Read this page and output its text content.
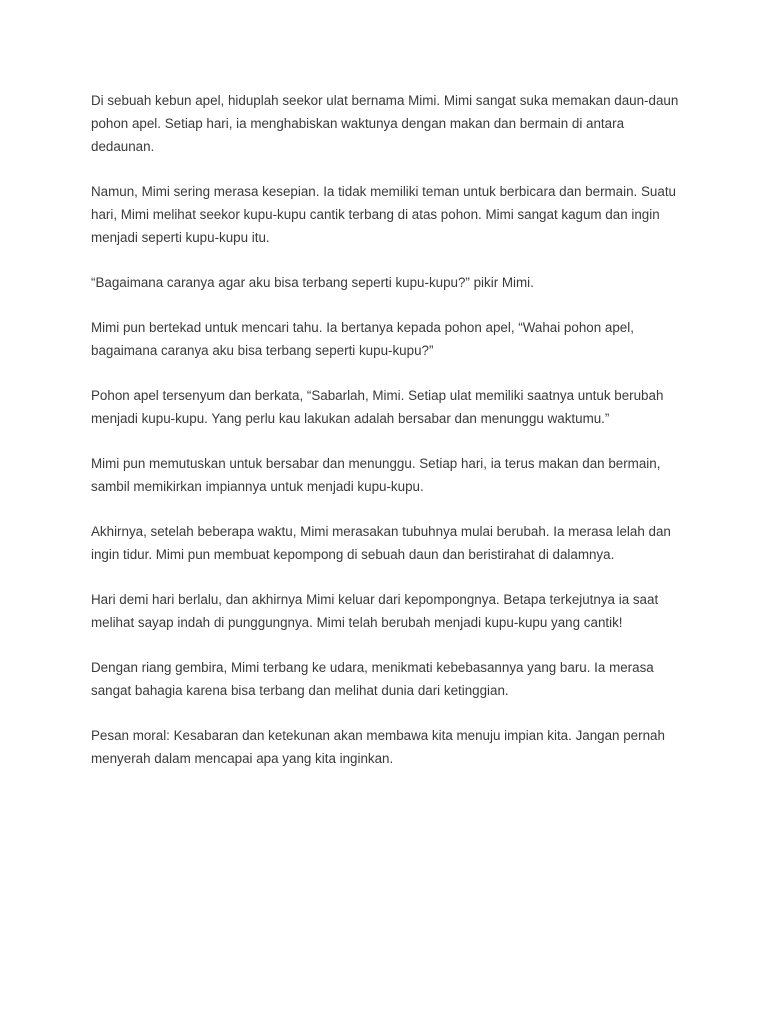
Di sebuah kebun apel, hiduplah seekor ulat bernama Mimi. Mimi sangat suka memakan daun-daun pohon apel. Setiap hari, ia menghabiskan waktunya dengan makan dan bermain di antara dedaunan.

Namun, Mimi sering merasa kesepian. Ia tidak memiliki teman untuk berbicara dan bermain. Suatu hari, Mimi melihat seekor kupu-kupu cantik terbang di atas pohon. Mimi sangat kagum dan ingin menjadi seperti kupu-kupu itu.

“Bagaimana caranya agar aku bisa terbang seperti kupu-kupu?” pikir Mimi.

Mimi pun bertekad untuk mencari tahu. Ia bertanya kepada pohon apel, “Wahai pohon apel, bagaimana caranya aku bisa terbang seperti kupu-kupu?”

Pohon apel tersenyum dan berkata, “Sabarlah, Mimi. Setiap ulat memiliki saatnya untuk berubah menjadi kupu-kupu. Yang perlu kau lakukan adalah bersabar dan menunggu waktumu.”

Mimi pun memutuskan untuk bersabar dan menunggu. Setiap hari, ia terus makan dan bermain, sambil memikirkan impiannya untuk menjadi kupu-kupu.

Akhirnya, setelah beberapa waktu, Mimi merasakan tubuhnya mulai berubah. Ia merasa lelah dan ingin tidur. Mimi pun membuat kepompong di sebuah daun dan beristirahat di dalamnya.

Hari demi hari berlalu, dan akhirnya Mimi keluar dari kepompongnya. Betapa terkejutnya ia saat melihat sayap indah di punggungnya. Mimi telah berubah menjadi kupu-kupu yang cantik!

Dengan riang gembira, Mimi terbang ke udara, menikmati kebebasannya yang baru. Ia merasa sangat bahagia karena bisa terbang dan melihat dunia dari ketinggian.

Pesan moral: Kesabaran dan ketekunan akan membawa kita menuju impian kita. Jangan pernah menyerah dalam mencapai apa yang kita inginkan.
